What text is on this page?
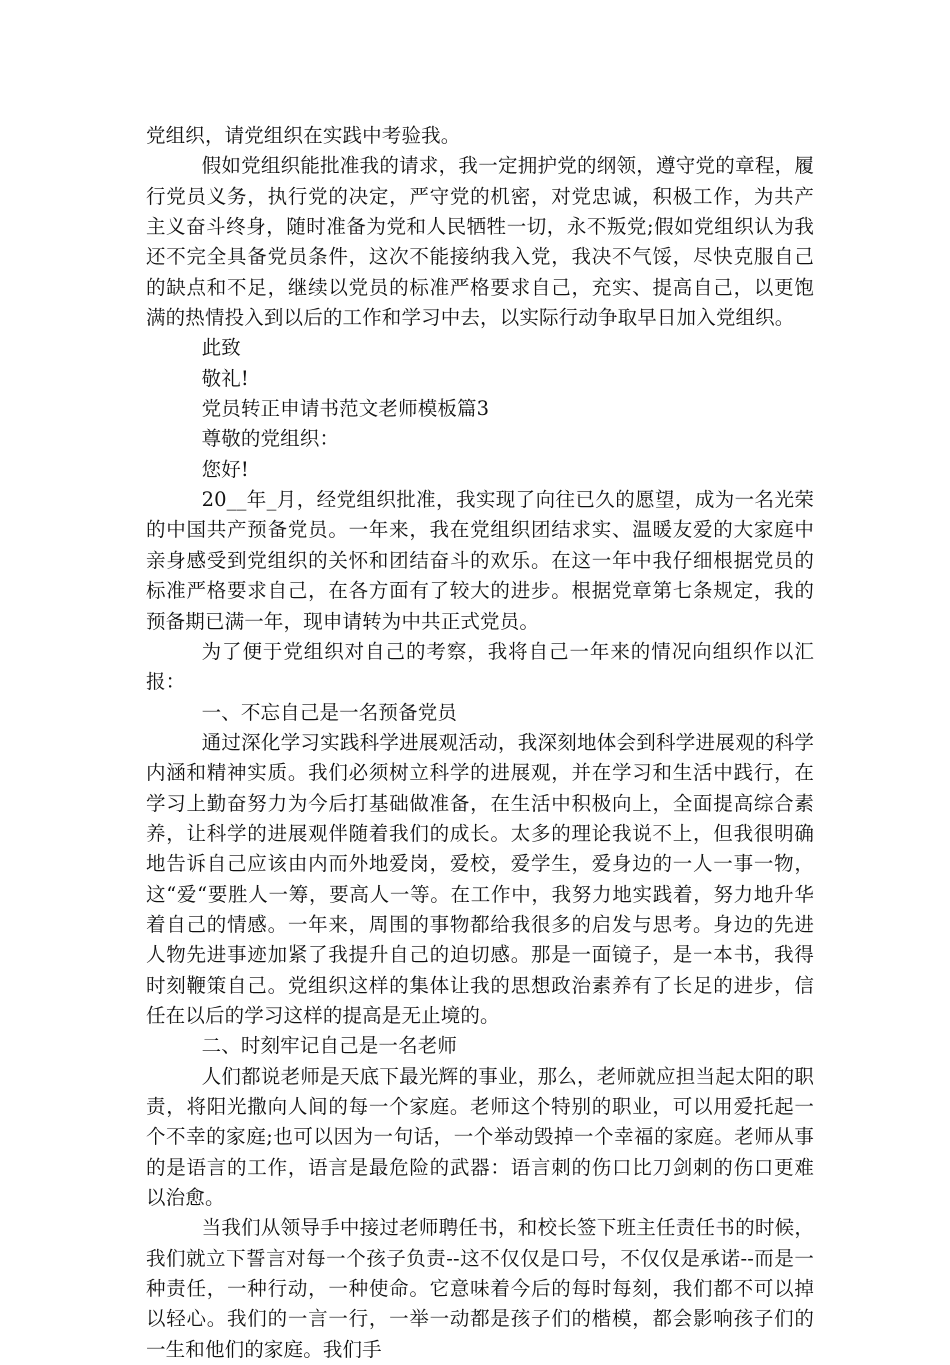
党组织，请党组织在实践中考验我。

假如党组织能批准我的请求，我一定拥护党的纲领，遵守党的章程，履行党员义务，执行党的决定，严守党的机密，对党忠诚，积极工作，为共产主义奋斗终身，随时准备为党和人民牺牲一切，永不叛党;假如党组织认为我还不完全具备党员条件，这次不能接纳我入党，我决不气馁，尽快克服自己的缺点和不足，继续以党员的标准严格要求自己，充实、提高自己，以更饱满的热情投入到以后的工作和学习中去，以实际行动争取早日加入党组织。

此致

敬礼!

党员转正申请书范文老师模板篇3

尊敬的党组织：

您好!

20__年_月，经党组织批准，我实现了向往已久的愿望，成为一名光荣的中国共产预备党员。一年来，我在党组织团结求实、温暖友爱的大家庭中亲身感受到党组织的关怀和团结奋斗的欢乐。在这一年中我仔细根据党员的标准严格要求自己，在各方面有了较大的进步。根据党章第七条规定，我的预备期已满一年，现申请转为中共正式党员。

为了便于党组织对自己的考察，我将自己一年来的情况向组织作以汇报：

一、不忘自己是一名预备党员

通过深化学习实践科学进展观活动，我深刻地体会到科学进展观的科学内涵和精神实质。我们必须树立科学的进展观，并在学习和生活中践行，在学习上勤奋努力为今后打基础做准备，在生活中积极向上，全面提高综合素养，让科学的进展观伴随着我们的成长。太多的理论我说不上，但我很明确地告诉自己应该由内而外地爱岗，爱校，爱学生，爱身边的一人一事一物，这“爱“要胜人一筹，要高人一等。在工作中，我努力地实践着，努力地升华着自己的情感。一年来，周围的事物都给我很多的启发与思考。身边的先进人物先进事迹加紧了我提升自己的迫切感。那是一面镜子，是一本书，我得时刻鞭策自己。党组织这样的集体让我的思想政治素养有了长足的进步，信任在以后的学习这样的提高是无止境的。

二、时刻牢记自己是一名老师

人们都说老师是天底下最光辉的事业，那么，老师就应担当起太阳的职责，将阳光撒向人间的每一个家庭。老师这个特别的职业，可以用爱托起一个不幸的家庭;也可以因为一句话，一个举动毁掉一个幸福的家庭。老师从事的是语言的工作，语言是最危险的武器：语言刺的伤口比刀剑刺的伤口更难以治愈。

当我们从领导手中接过老师聘任书，和校长签下班主任责任书的时候，我们就立下誓言对每一个孩子负责--这不仅仅是口号，不仅仅是承诺--而是一种责任，一种行动，一种使命。它意味着今后的每时每刻，我们都不可以掉以轻心。我们的一言一行，一举一动都是孩子们的楷模，都会影响孩子们的一生和他们的家庭。我们手
